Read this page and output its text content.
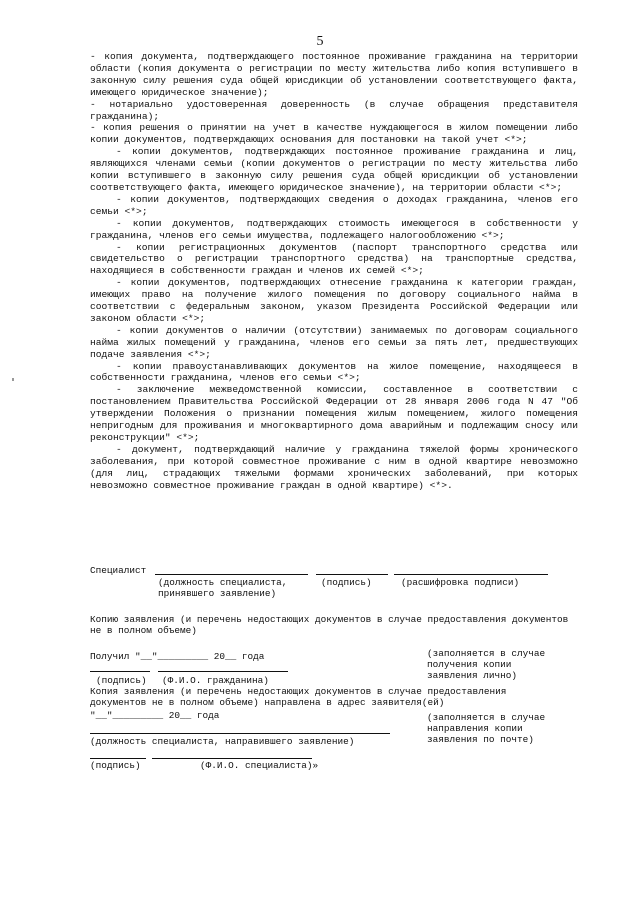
5

- копия документа, подтверждающего постоянное проживание гражданина на территории области (копия документа о регистрации по месту жительства либо копия вступившего в законную силу решения суда общей юрисдикции об установлении соответствующего факта, имеющего юридическое значение);

- нотариально удостоверенная доверенность (в случае обращения представителя гражданина);

- копия решения о принятии на учет в качестве нуждающегося в жилом помещении либо копии документов, подтверждающих основания для постановки на такой учет <*>;

- копии документов, подтверждающих постоянное проживание гражданина и лиц, являющихся членами семьи (копии документов о регистрации по месту жительства либо копии вступившего в законную силу решения суда общей юрисдикции об установлении соответствующего факта, имеющего юридическое значение), на территории области <*>;

- копии документов, подтверждающих сведения о доходах гражданина, членов его семьи <*>;

- копии документов, подтверждающих стоимость имеющегося в собственности у гражданина, членов его семьи имущества, подлежащего налогообложению <*>;

- копии регистрационных документов (паспорт транспортного средства или свидетельство о регистрации транспортного средства) на транспортные средства, находящиеся в собственности граждан и членов их семей <*>;

- копии документов, подтверждающих отнесение гражданина к категории граждан, имеющих право на получение жилого помещения по договору социального найма в соответствии с федеральным законом, указом Президента Российской Федерации или законом области <*>;

- копии документов о наличии (отсутствии) занимаемых по договорам социального найма жилых помещений у гражданина, членов его семьи за пять лет, предшествующих подаче заявления <*>;

- копии правоустанавливающих документов на жилое помещение, находящееся в собственности гражданина, членов его семьи <*>;

- заключение межведомственной комиссии, составленное в соответствии с постановлением Правительства Российской Федерации от 28 января 2006 года N 47 "Об утверждении Положения о признании помещения жилым помещением, жилого помещения непригодным для проживания и многоквартирного дома аварийным и подлежащим сносу или реконструкции" <*>;

- документ, подтверждающий наличие у гражданина тяжелой формы хронического заболевания, при которой совместное проживание с ним в одной квартире невозможно (для лиц, страдающих тяжелыми формами хронических заболеваний, при которых невозможно совместное проживание граждан в одной квартире) <*>.

Специалист
(должность специалиста,
принявшего заявление)
(подпись)	(расшифровка подписи)
Копию заявления (и перечень недостающих документов в случае предоставления документов не в полном объеме)
Получил "__"_________ 20__ года	(заполняется в случае
получения копии
заявления лично)
(подпись) (Ф.И.О. гражданина)
Копия заявления (и перечень недостающих документов в случае предоставления
документов не в полном объеме) направлена в адрес заявителя(ей)
"__"_________ 20__ года	(заполняется в случае
направления копии
заявления по почте)
(должность специалиста, направившего заявление)
(подпись)	(Ф.И.О. специалиста)»
